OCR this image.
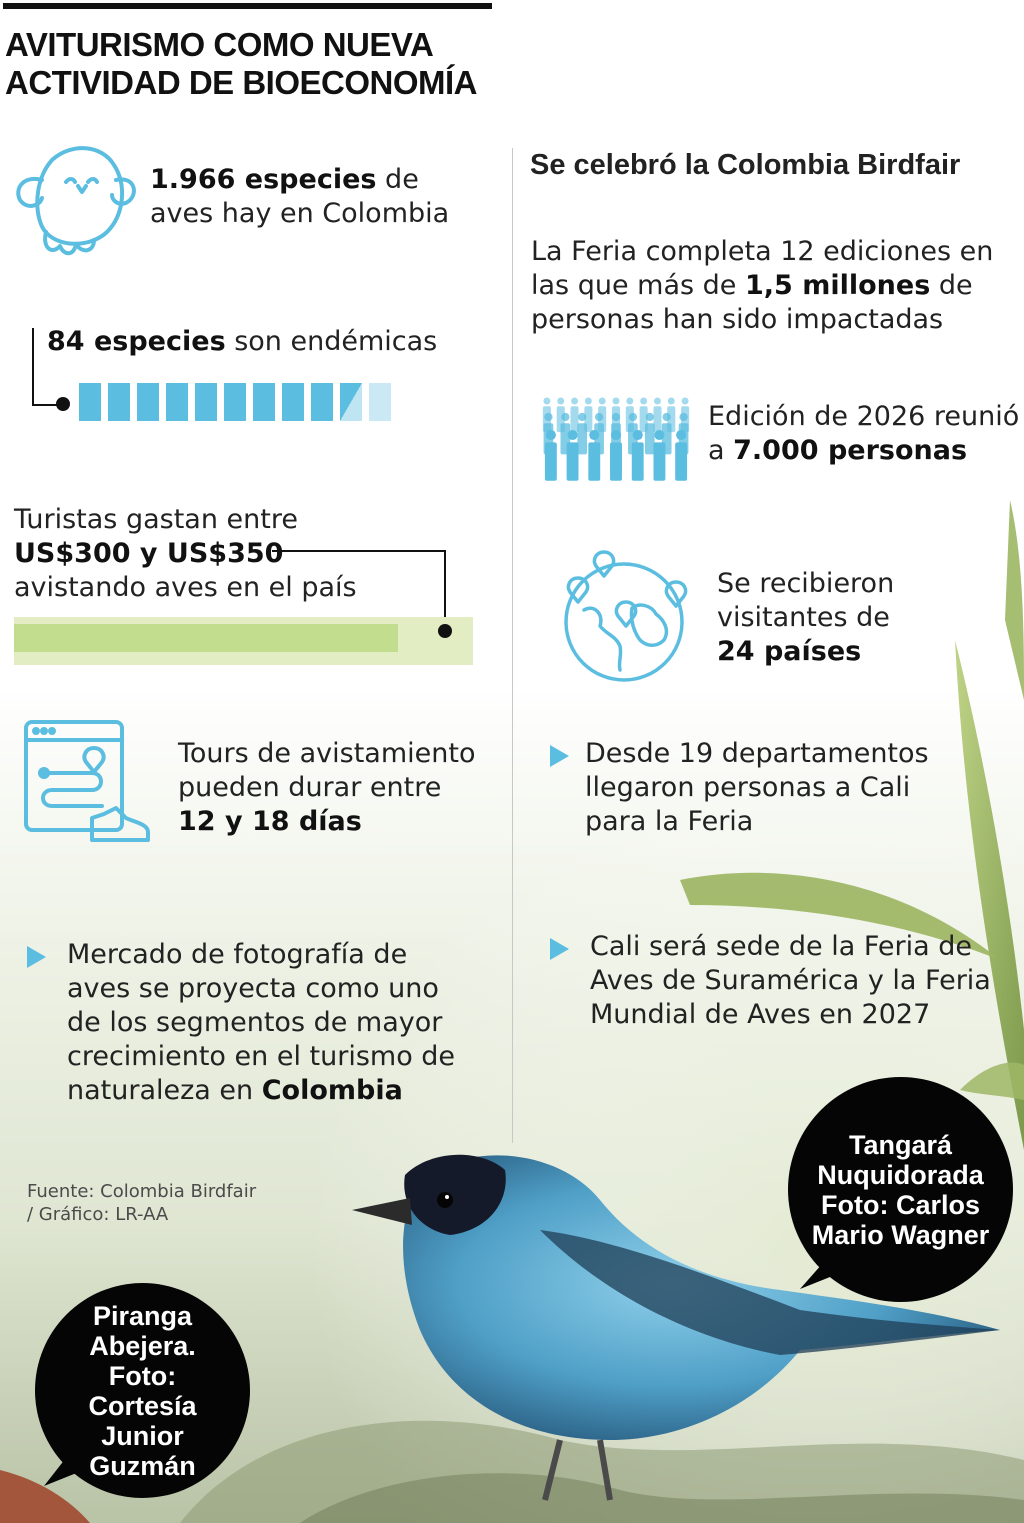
AVITURISMO COMO NUEVA ACTIVIDAD DE BIOECONOMÍA

1.966 especies de
aves hay en Colombia

84 especies son endémicas

Turistas gastan entre
US$300 y US$350
avistando aves en el país

Tours de avistamiento
pueden durar entre
12 y 18 días

Mercado de fotografía de
aves se proyecta como uno
de los segmentos de mayor
crecimiento en el turismo de
naturaleza en Colombia

Fuente: Colombia Birdfair
/ Gráfico: LR-AA

Se celebró la Colombia Birdfair

La Feria completa 12 ediciones en
las que más de 1,5 millones de
personas han sido impactadas

Edición de 2026 reunió
a 7.000 personas

Se recibieron
visitantes de
24 países

Desde 19 departamentos
llegaron personas a Cali
para la Feria

Cali será sede de la Feria de
Aves de Suramérica y la Feria
Mundial de Aves en 2027

Tangará Nuquidorada Foto: Carlos Mario Wagner
Piranga Abejera. Foto: Cortesía Junior Guzmán
